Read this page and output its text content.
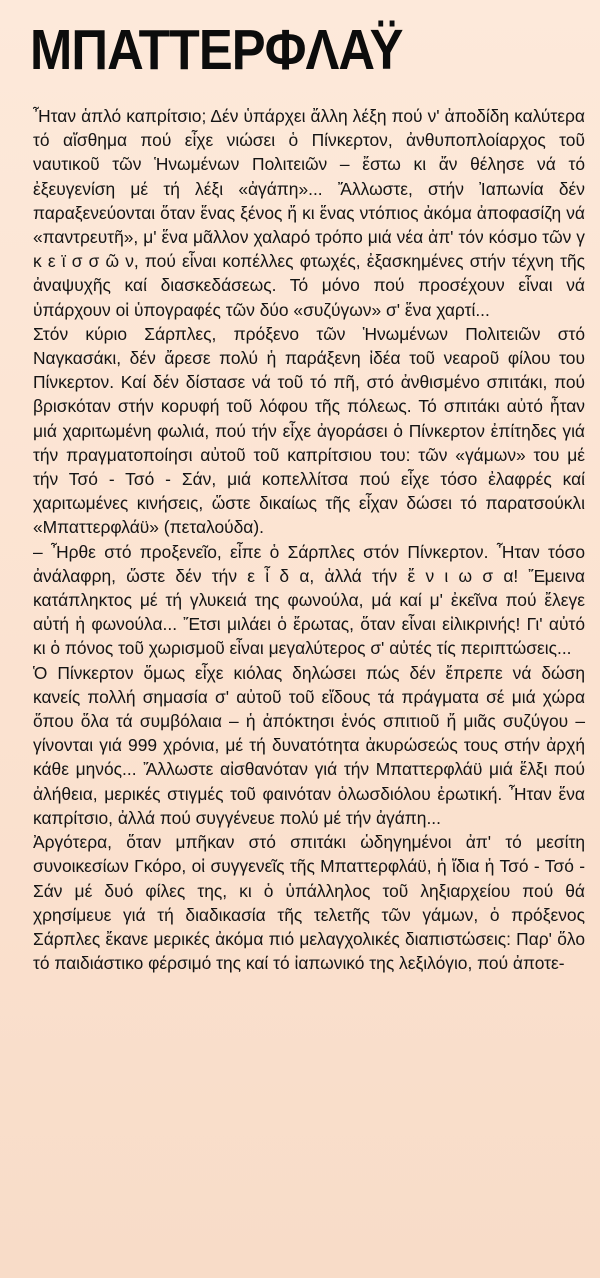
ΜΠΑΤΤΕΡΦΛΑΫ

Ἦταν ἁπλό καπρίτσιο; Δέν ὑπάρχει ἄλλη λέξη πού ν' ἀποδίδη καλύτερα τό αἴσθημα πού εἶχε νιώσει ὁ Πίνκερτον, ἀνθυποπλοίαρχος τοῦ ναυτικοῦ τῶν Ἡνωμένων Πολιτειῶν – ἔστω κι ἄν θέλησε νά τό ἐξευγενίση μέ τή λέξι «ἀγάπη»... Ἄλλωστε, στήν Ἰαπωνία δέν παραξενεύονται ὅταν ἕνας ξένος ἤ κι ἕνας ντόπιος ἀκόμα ἀποφασίζη νά «παντρευτῆ», μ' ἕνα μᾶλλον χαλαρό τρόπο μιά νέα ἀπ' τόν κόσμο τῶν γ κ ε ϊ σ σ ῶ ν, πού εἶναι κοπέλλες φτωχές, ἐξασκημένες στήν τέχνη τῆς ἀναψυχῆς καί διασκεδάσεως. Τό μόνο πού προσέχουν εἶναι νά ὑπάρχουν οἱ ὑπογραφές τῶν δύο «συζύγων» σ' ἕνα χαρτί...

Στόν κύριο Σάρπλες, πρόξενο τῶν Ἡνωμένων Πολιτειῶν στό Ναγκασάκι, δέν ἄρεσε πολύ ἡ παράξενη ἰδέα τοῦ νεαροῦ φίλου του Πίνκερτον. Καί δέν δίστασε νά τοῦ τό πῆ, στό ἀνθισμένο σπιτάκι, πού βρισκόταν στήν κορυφή τοῦ λόφου τῆς πόλεως. Τό σπιτάκι αὐτό ἦταν μιά χαριτωμένη φωλιά, πού τήν εἶχε ἀγοράσει ὁ Πίνκερτον ἐπίτηδες γιά τήν πραγματοποίησι αὐτοῦ τοῦ καπρίτσιου του: τῶν «γάμων» του μέ τήν Τσό - Τσό - Σάν, μιά κοπελλίτσα πού εἶχε τόσο ἐλαφρές καί χαριτωμένες κινήσεις, ὥστε δικαίως τῆς εἶχαν δώσει τό παρατσούκλι «Μπαττερφλάϋ» (πεταλούδα).

– Ἦρθε στό προξενεῖο, εἶπε ὁ Σάρπλες στόν Πίνκερτον. Ἦταν τόσο ἀνάλαφρη, ὥστε δέν τήν ε ἶ δ α, ἀλλά τήν ἔ ν ι ω σ α! Ἔμεινα κατάπληκτος μέ τή γλυκειά της φωνούλα, μά καί μ' ἐκεῖνα πού ἔλεγε αὐτή ἡ φωνούλα... Ἔτσι μιλάει ὁ ἔρωτας, ὅταν εἶναι εἰλικρινής! Γι' αὐτό κι ὁ πόνος τοῦ χωρισμοῦ εἶναι μεγαλύτερος σ' αὐτές τίς περιπτώσεις...

Ὁ Πίνκερτον ὅμως εἶχε κιόλας δηλώσει πώς δέν ἔπρεπε νά δώση κανείς πολλή σημασία σ' αὐτοῦ τοῦ εἴδους τά πράγματα σέ μιά χώρα ὅπου ὅλα τά συμβόλαια – ἡ ἀπόκτησι ἑνός σπιτιοῦ ἤ μιᾶς συζύγου – γίνονται γιά 999 χρόνια, μέ τή δυνατότητα ἀκυρώσεώς τους στήν ἀρχή κάθε μηνός... Ἄλλωστε αἰσθανόταν γιά τήν Μπαττερφλάϋ μιά ἕλξι πού ἀλήθεια, μερικές στιγμές τοῦ φαινόταν ὁλωσδιόλου ἐρωτική. Ἦταν ἕνα καπρίτσιο, ἀλλά πού συγγένευε πολύ μέ τήν ἀγάπη...

Ἀργότερα, ὅταν μπῆκαν στό σπιτάκι ὡδηγημένοι ἀπ' τό μεσίτη συνοικεσίων Γκόρο, οἱ συγγενεῖς τῆς Μπαττερφλάϋ, ἡ ἴδια ἡ Τσό - Τσό - Σάν μέ δυό φίλες της, κι ὁ ὑπάλληλος τοῦ ληξιαρχείου πού θά χρησίμευε γιά τή διαδικασία τῆς τελετῆς τῶν γάμων, ὁ πρόξενος Σάρπλες ἔκανε μερικές ἀκόμα πιό μελαγχολικές διαπιστώσεις: Παρ' ὅλο τό παιδιάστικο φέρσιμό της καί τό ἰαπωνικό της λεξιλόγιο, πού ἀποτε-
